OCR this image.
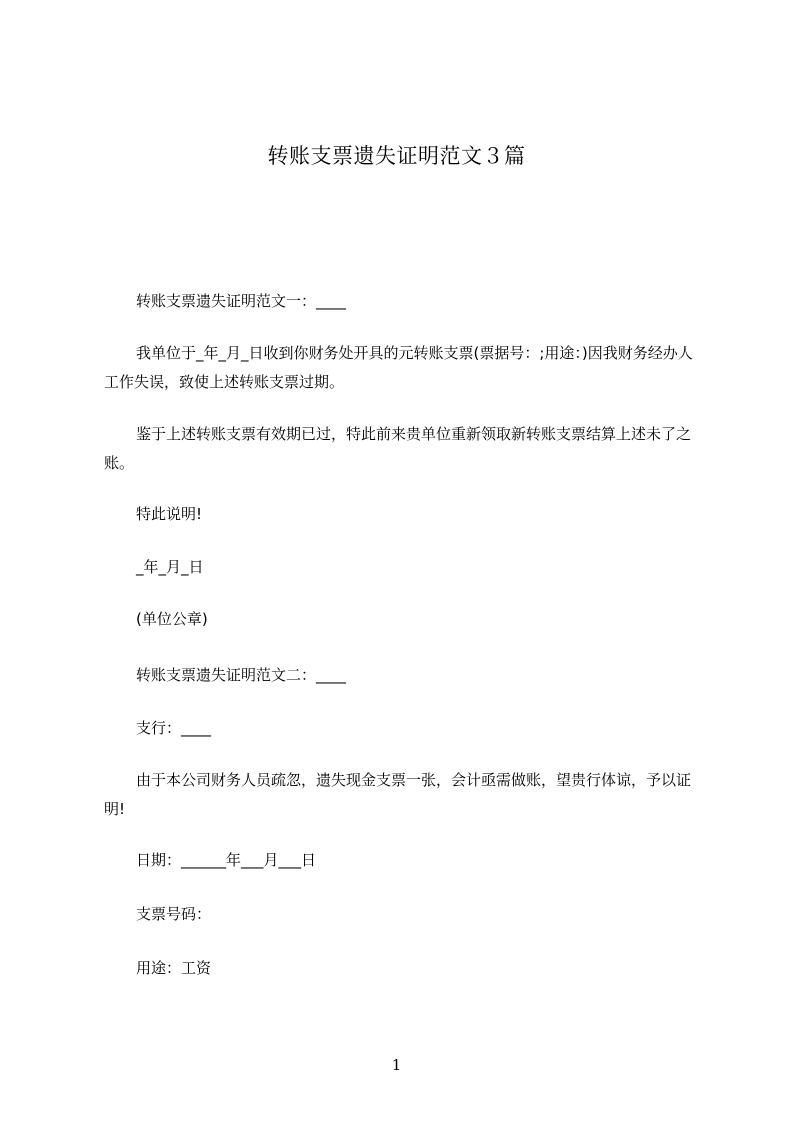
转账支票遗失证明范文３篇
转账支票遗失证明范文一：____
我单位于_年_月_日收到你财务处开具的元转账支票(票据号：;用途：)因我财务经办人工作失误，致使上述转账支票过期。
鉴于上述转账支票有效期已过，特此前来贵单位重新领取新转账支票结算上述未了之账。
特此说明!
_年_月_日
(单位公章)
转账支票遗失证明范文二：____
支行：____
由于本公司财务人员疏忽，遗失现金支票一张，会计亟需做账，望贵行体谅，予以证明!
日期：______年___月___日
支票号码：
用途：工资
1
